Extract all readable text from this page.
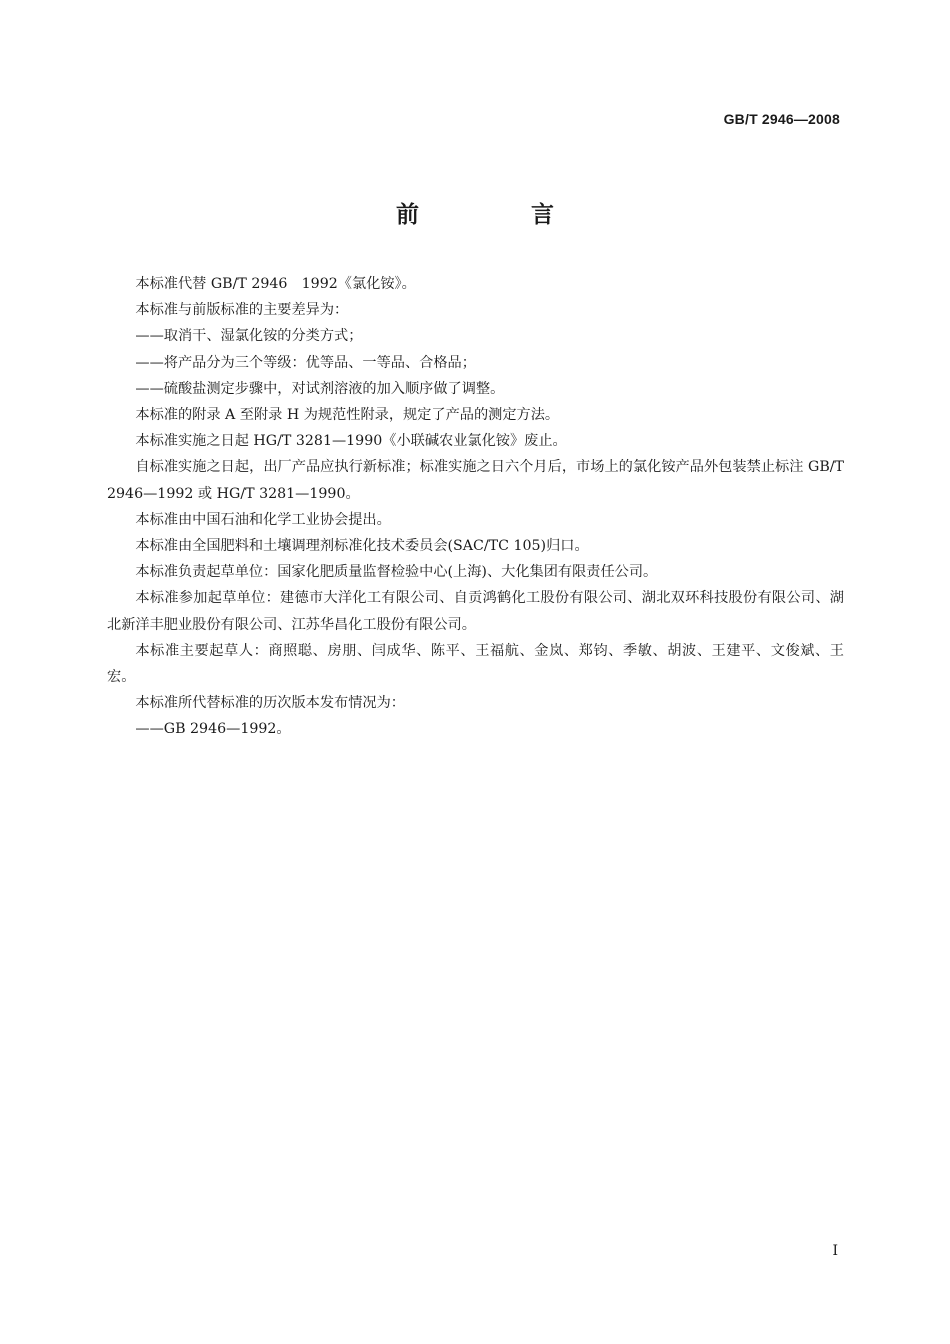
GB/T 2946—2008
前 言

本标准代替 GB/T 2946　1992《氯化铵》。

本标准与前版标准的主要差异为：

——取消干、湿氯化铵的分类方式；

——将产品分为三个等级：优等品、一等品、合格品；

——硫酸盐测定步骤中，对试剂溶液的加入顺序做了调整。

本标准的附录 A 至附录 H 为规范性附录，规定了产品的测定方法。

本标准实施之日起 HG/T 3281—1990《小联碱农业氯化铵》废止。

自标准实施之日起，出厂产品应执行新标准；标准实施之日六个月后，市场上的氯化铵产品外包装禁止标注 GB/T 2946—1992 或 HG/T 3281—1990。

本标准由中国石油和化学工业协会提出。

本标准由全国肥料和土壤调理剂标准化技术委员会(SAC/TC 105)归口。

本标准负责起草单位：国家化肥质量监督检验中心(上海)、大化集团有限责任公司。

本标准参加起草单位：建德市大洋化工有限公司、自贡鸿鹤化工股份有限公司、湖北双环科技股份有限公司、湖北新洋丰肥业股份有限公司、江苏华昌化工股份有限公司。

本标准主要起草人：商照聪、房朋、闫成华、陈平、王福航、金岚、郑钧、季敏、胡波、王建平、文俊斌、王宏。

本标准所代替标准的历次版本发布情况为：

——GB 2946—1992。

I
